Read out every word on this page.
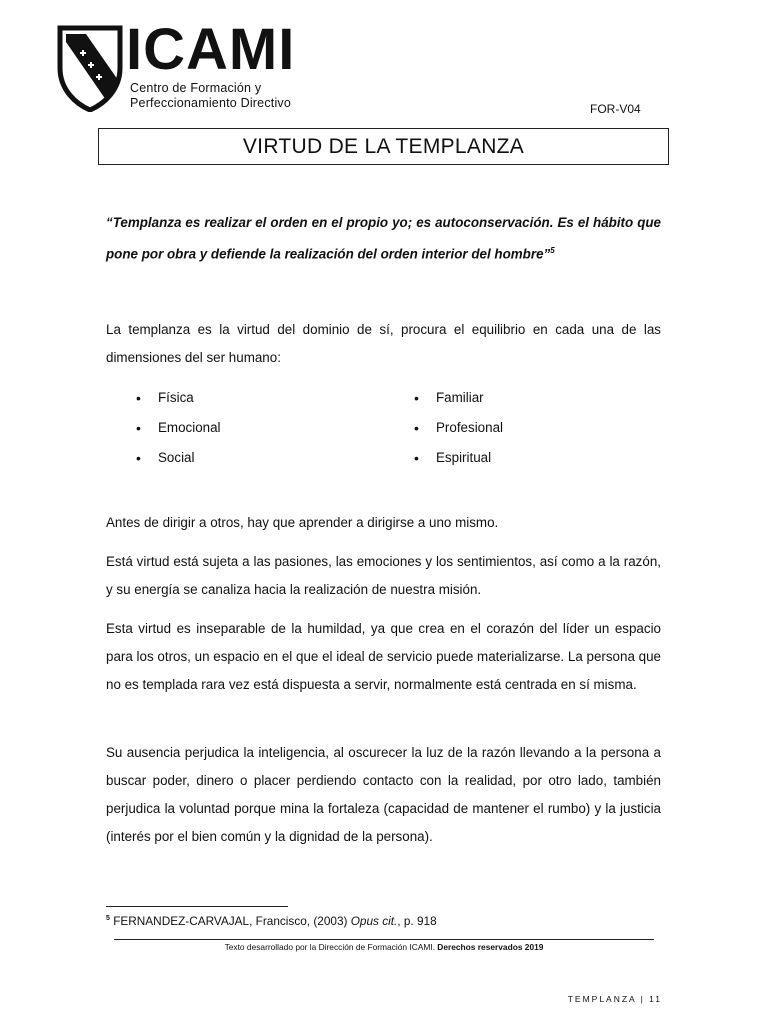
ICAMI
Centro de Formación y
Perfeccionamiento Directivo	FOR-V04
VIRTUD DE LA TEMPLANZA

“Templanza es realizar el orden en el propio yo; es autoconservación. Es el hábito que pone por obra y defiende la realización del orden interior del hombre”$^5$

La templanza es la virtud del dominio de sí, procura el equilibrio en cada una de las dimensiones del ser humano:

• Física
• Emocional
• Social
• Familiar
• Profesional
• Espiritual

Antes de dirigir a otros, hay que aprender a dirigirse a uno mismo.

Está virtud está sujeta a las pasiones, las emociones y los sentimientos, así como a la razón, y su energía se canaliza hacia la realización de nuestra misión.

Esta virtud es inseparable de la humildad, ya que crea en el corazón del líder un espacio para los otros, un espacio en el que el ideal de servicio puede materializarse. La persona que no es templada rara vez está dispuesta a servir, normalmente está centrada en sí misma.

Su ausencia perjudica la inteligencia, al oscurecer la luz de la razón llevando a la persona a buscar poder, dinero o placer perdiendo contacto con la realidad, por otro lado, también perjudica la voluntad porque mina la fortaleza (capacidad de mantener el rumbo) y la justicia (interés por el bien común y la dignidad de la persona).

$^5$ FERNANDEZ-CARVAJAL, Francisco, (2003) Opus cit., p. 918
Texto desarrollado por la Dirección de Formación ICAMI. Derechos reservados 2019
TEMPLANZA | 11
